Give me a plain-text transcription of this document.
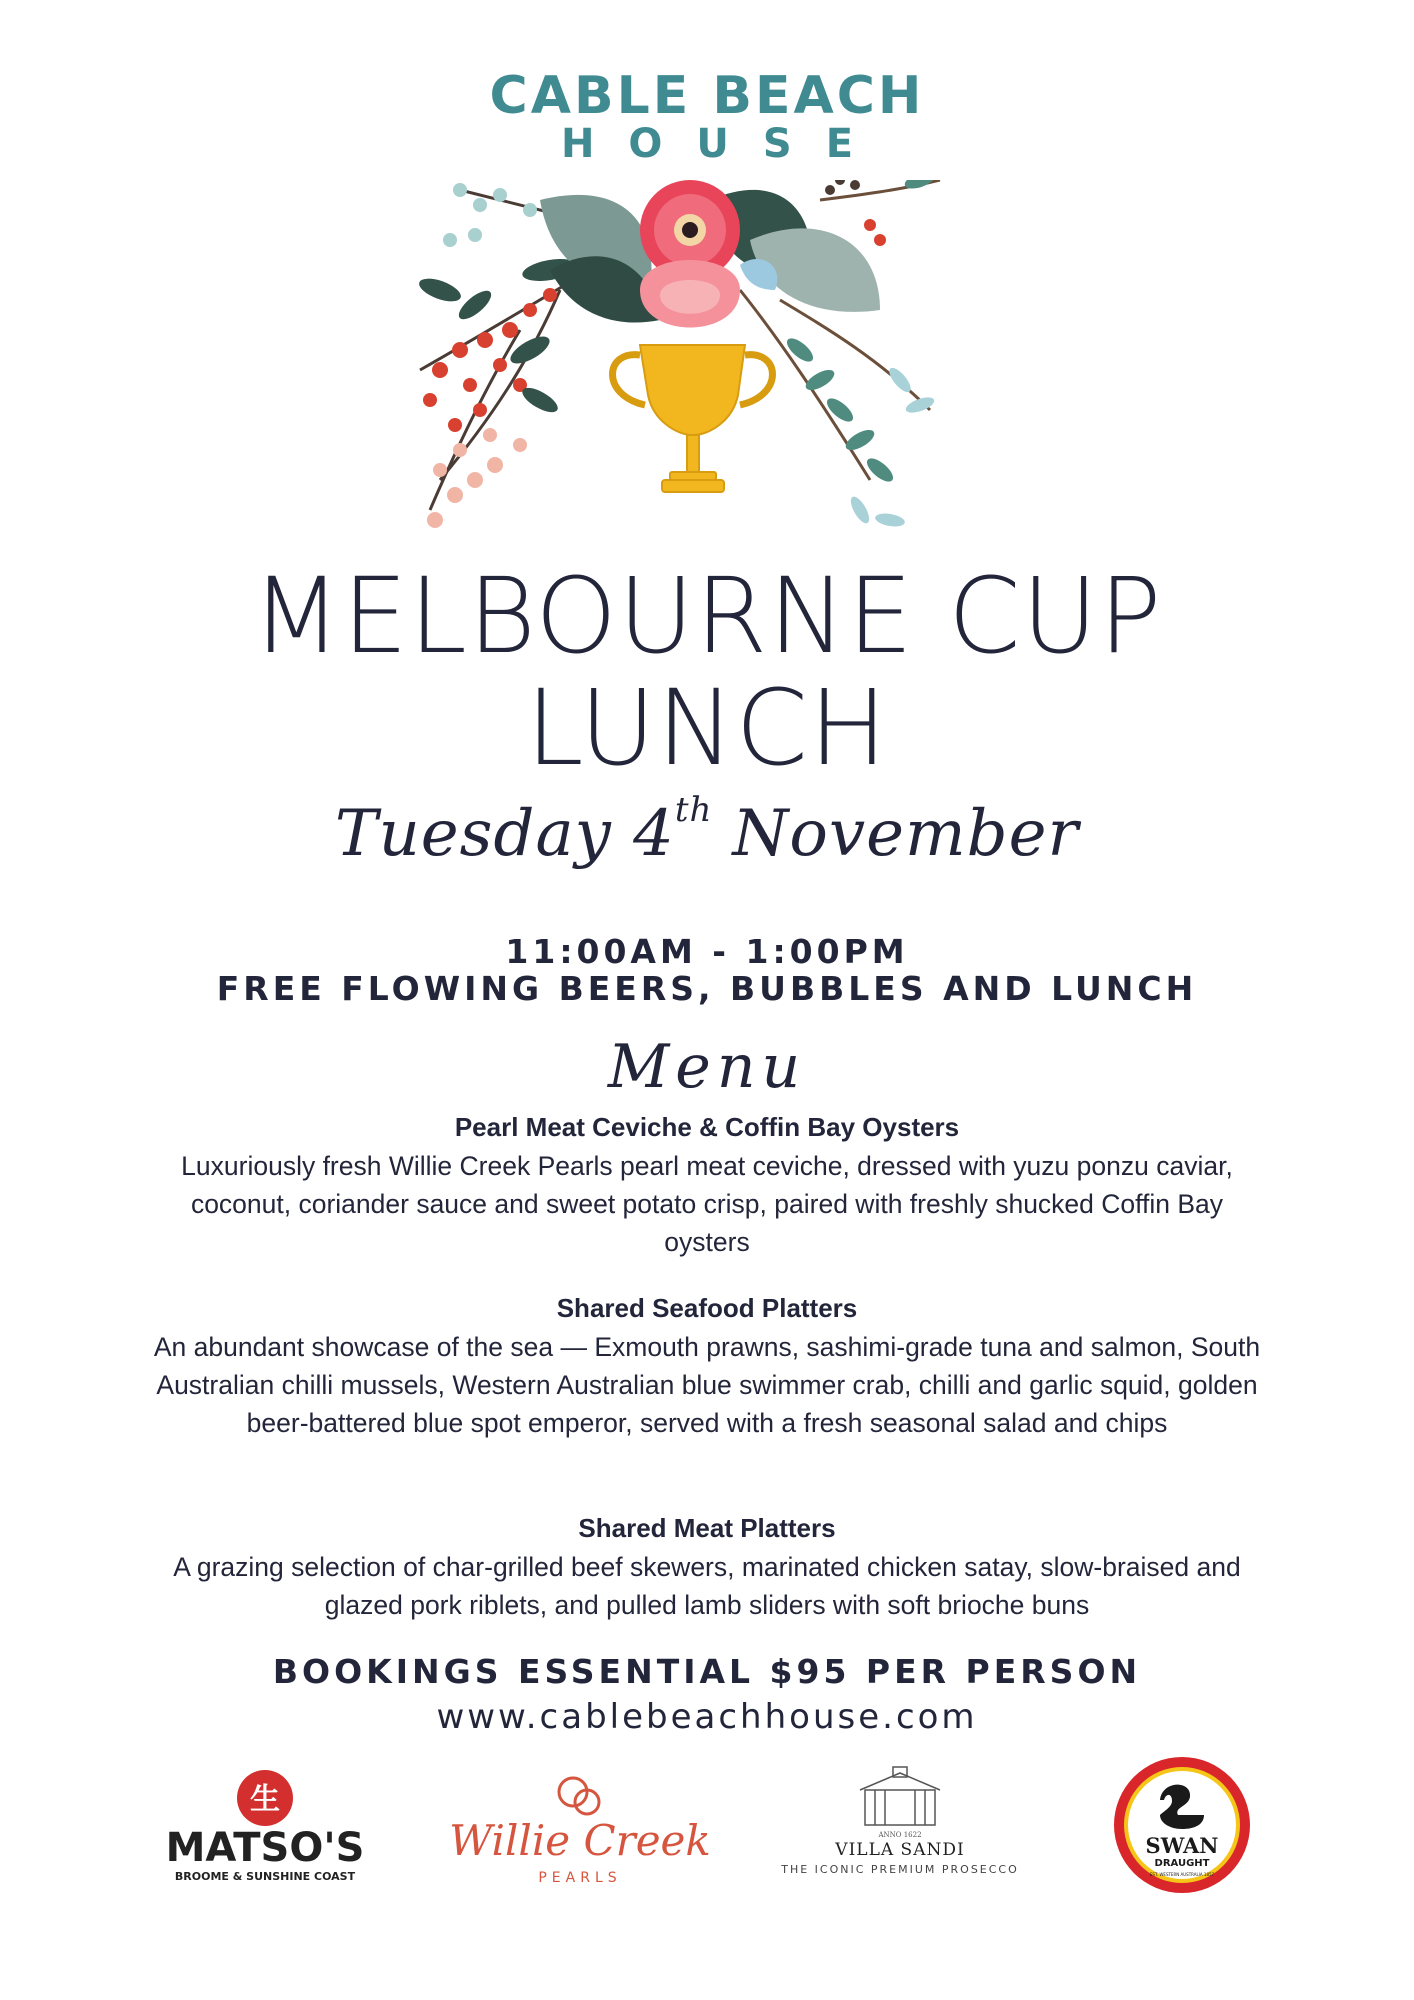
CABLE BEACH
HOUSE
MELBOURNE CUP
LUNCH
Tuesday 4th November
11:00AM - 1:00PM
FREE FLOWING BEERS, BUBBLES AND LUNCH
Menu
Pearl Meat Ceviche & Coffin Bay Oysters
Luxuriously fresh Willie Creek Pearls pearl meat ceviche, dressed with yuzu ponzu caviar, coconut, coriander sauce and sweet potato crisp, paired with freshly shucked Coffin Bay oysters
Shared Seafood Platters
An abundant showcase of the sea — Exmouth prawns, sashimi-grade tuna and salmon, South Australian chilli mussels, Western Australian blue swimmer crab, chilli and garlic squid, golden beer-battered blue spot emperor, served with a fresh seasonal salad and chips
Shared Meat Platters
A grazing selection of char-grilled beef skewers, marinated chicken satay, slow-braised and glazed pork riblets, and pulled lamb sliders with soft brioche buns
BOOKINGS ESSENTIAL $95 PER PERSON
www.cablebeachhouse.com
生
MATSO'S
BROOME & SUNSHINE COAST
Willie Creek
PEARLS
ANNO 1622
VILLA SANDI
THE ICONIC PREMIUM PROSECCO
SWAN
DRAUGHT
EST. WESTERN AUSTRALIA 1857
